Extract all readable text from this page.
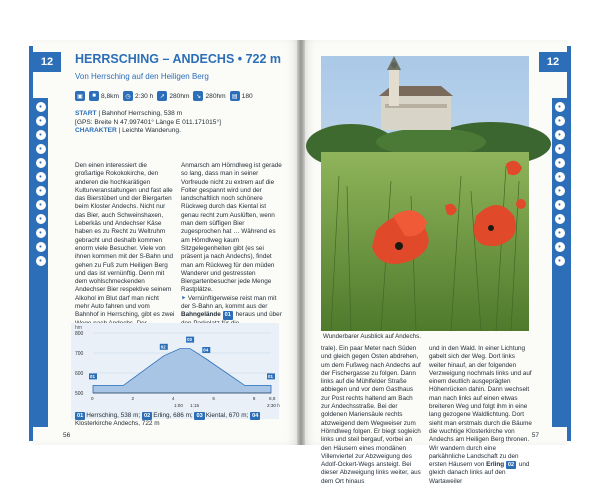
12
•
•
•
•
•
•
•
•
•
•
•
•
HERRSCHING – ANDECHS • 722 m
Von Herrsching auf den Heiligen Berg
▣	■ 8,8km	◷ 2:30 h	↗ 280hm	↘ 280hm	▤ 180
START | Bahnhof Herrsching, 538 m
[GPS: Breite N 47.997401° Länge E 011.171015°]
CHARAKTER | Leichte Wanderung.
Den einen interessiert die großartige Rokokokirche, den anderen die hochkarätigen Kulturveranstaltungen und fast alle das Bierstüberl und der Biergarten beim Kloster Andechs. Nicht nur das Bier, auch Schweinshaxen, Leberkäs und Andechser Käse haben es zu Recht zu Weltruhm gebracht und deshalb kommen enorm viele Besucher. Viele von ihnen kommen mit der S-Bahn und gehen zu Fuß zum Heiligen Berg und das ist vernünftig. Denn mit dem wohlschmeckenden Andechser Bier respektive seinem Alkohol im Blut darf man nicht mehr Auto fahren und vom Bahnhof in Herrsching, gibt es zwei
Anmarsch am Hörndlweg ist gerade so lang, dass man in seiner Vorfreude nicht zu extrem auf die Folter gespannt wird und der landschaftlich noch schönere Rückweg durch das Kiental ist genau recht zum Auslüften, wenn man dem süffigen Bier zugesprochen hat … Während es am Hörndlweg kaum Sitzgelegenheiten gibt (es sei präsent ja nach Andechs), findet man am Rückweg für den müden Wanderer und gestressten Biergartenbesucher jede Menge Rastplätze.
⯈ Vernünftigerweise reist man mit der S-Bahn an, kommt aus der Bahngelände 01 heraus und über
hm
800
700
600
500
0	2	4	6	8	8,8
1:00 1:15	2:30 h
01
02
03
04
01
01 Herrsching, 538 m; 02 Erling, 686 m; 03 Kiental, 670 m; 04Klosterkirche Andechs, 722 m
56
12
•
•
•
•
•
•
•
•
•
•
•
•
Wunderbarer Ausblick auf Andechs.
trale). Ein paar Meter nach Süden und gleich gegen Osten abdrehen, um dem Fußweg nach Andechs auf der Fischergasse zu folgen. Dann links auf die Mühlfelder Straße abbiegen und vor dem Gasthaus zur Post rechts haltend am Bach zur Andechsstraße. Bei der goldenen Mariensäule rechts abzweigend dem Wegweiser zum Hörndlweg folgen. Er biegt sogleich links und steil bergauf, vorbei an den Häusern eines mondänen Villenviertel zur Abzweigung des Adolf-Ockert-Wegs ansteigt. Bei dieser Abzweigung links weiter, aus dem Ort hinaus
und in den Wald. In einer Lichtung gabelt sich der Weg. Dort links weiter hinauf, an der folgenden Verzweigung nochmals links und auf einem deutlich ausgeprägten Höhenrücken dahin. Dann wechselt man nach links auf einen etwas breiteren Weg und folgt ihm in eine lang gezogene Waldlichtung. Dort sieht man erstmals durch die Bäume die wuchtige Klosterkirche von Andechs am Heiligen Berg thronen. Wir wandern durch eine parkähnliche Landschaft zu den ersten Häusern von Erling 02 und gleich danach links auf den Wartaweiler
57
